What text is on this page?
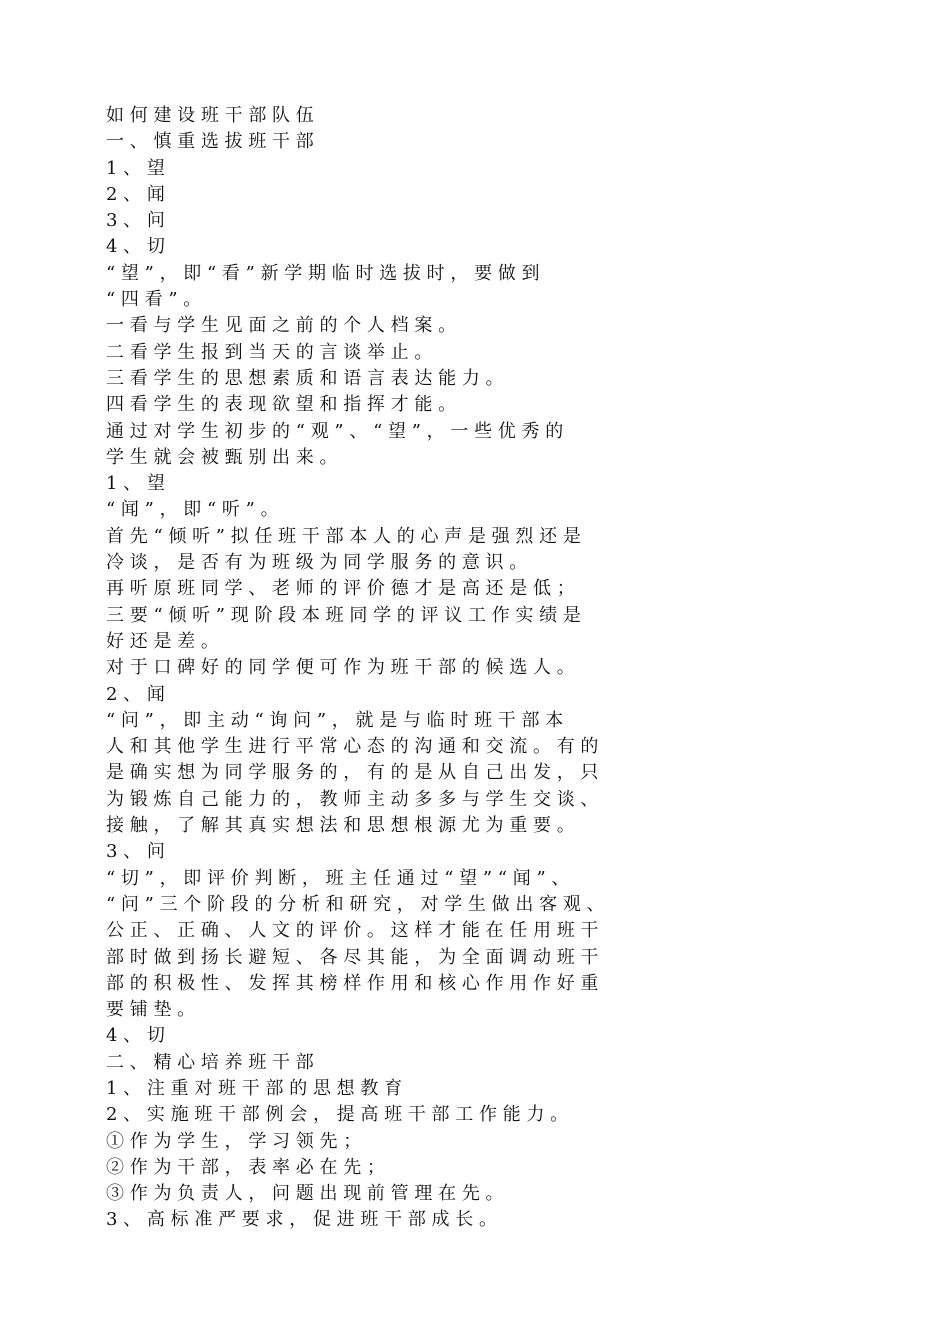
如 何 建 设 班 干 部 队 伍
一 、 慎 重 选 拔 班 干 部
1 、 望
2 、 闻
3 、 问
4 、 切
“ 望 ” ， 即 “ 看 ” 新 学 期 临 时 选 拔 时 ， 要 做 到
“ 四 看 ” 。
一 看 与 学 生 见 面 之 前 的 个 人 档 案 。
二 看 学 生 报 到 当 天 的 言 谈 举 止 。
三 看 学 生 的 思 想 素 质 和 语 言 表 达 能 力 。
四 看 学 生 的 表 现 欲 望 和 指 挥 才 能 。
通 过 对 学 生 初 步 的 “ 观 ” 、 “ 望 ” ， 一 些 优 秀 的
学 生 就 会 被 甄 别 出 来 。
1 、 望
“ 闻 ” ， 即 “ 听 ” 。
首 先 “ 倾 听 ” 拟 任 班 干 部 本 人 的 心 声 是 强 烈 还 是
冷 谈 ， 是 否 有 为 班 级 为 同 学 服 务 的 意 识 。
再 听 原 班 同 学 、 老 师 的 评 价 德 才 是 高 还 是 低 ；
三 要 “ 倾 听 ” 现 阶 段 本 班 同 学 的 评 议 工 作 实 绩 是
好 还 是 差 。
对 于 口 碑 好 的 同 学 便 可 作 为 班 干 部 的 候 选 人 。
2 、 闻
“ 问 ” ， 即 主 动 “ 询 问 ” ， 就 是 与 临 时 班 干 部 本
人 和 其 他 学 生 进 行 平 常 心 态 的 沟 通 和 交 流 。 有 的
是 确 实 想 为 同 学 服 务 的 ， 有 的 是 从 自 己 出 发 ， 只
为 锻 炼 自 己 能 力 的 ， 教 师 主 动 多 多 与 学 生 交 谈 、
接 触 ， 了 解 其 真 实 想 法 和 思 想 根 源 尤 为 重 要 。
3 、 问
“ 切 ” ， 即 评 价 判 断 ， 班 主 任 通 过 “ 望 ” “ 闻 ” 、
“ 问 ” 三 个 阶 段 的 分 析 和 研 究 ， 对 学 生 做 出 客 观 、
公 正 、 正 确 、 人 文 的 评 价 。 这 样 才 能 在 任 用 班 干
部 时 做 到 扬 长 避 短 、 各 尽 其 能 ， 为 全 面 调 动 班 干
部 的 积 极 性 、 发 挥 其 榜 样 作 用 和 核 心 作 用 作 好 重
要 铺 垫 。
4 、 切
二 、 精 心 培 养 班 干 部
1 、 注 重 对 班 干 部 的 思 想 教 育
2 、 实 施 班 干 部 例 会 ， 提 高 班 干 部 工 作 能 力 。
① 作 为 学 生 ， 学 习 领 先 ；
② 作 为 干 部 ， 表 率 必 在 先 ；
③ 作 为 负 责 人 ， 问 题 出 现 前 管 理 在 先 。
3 、 高 标 准 严 要 求 ， 促 进 班 干 部 成 长 。
